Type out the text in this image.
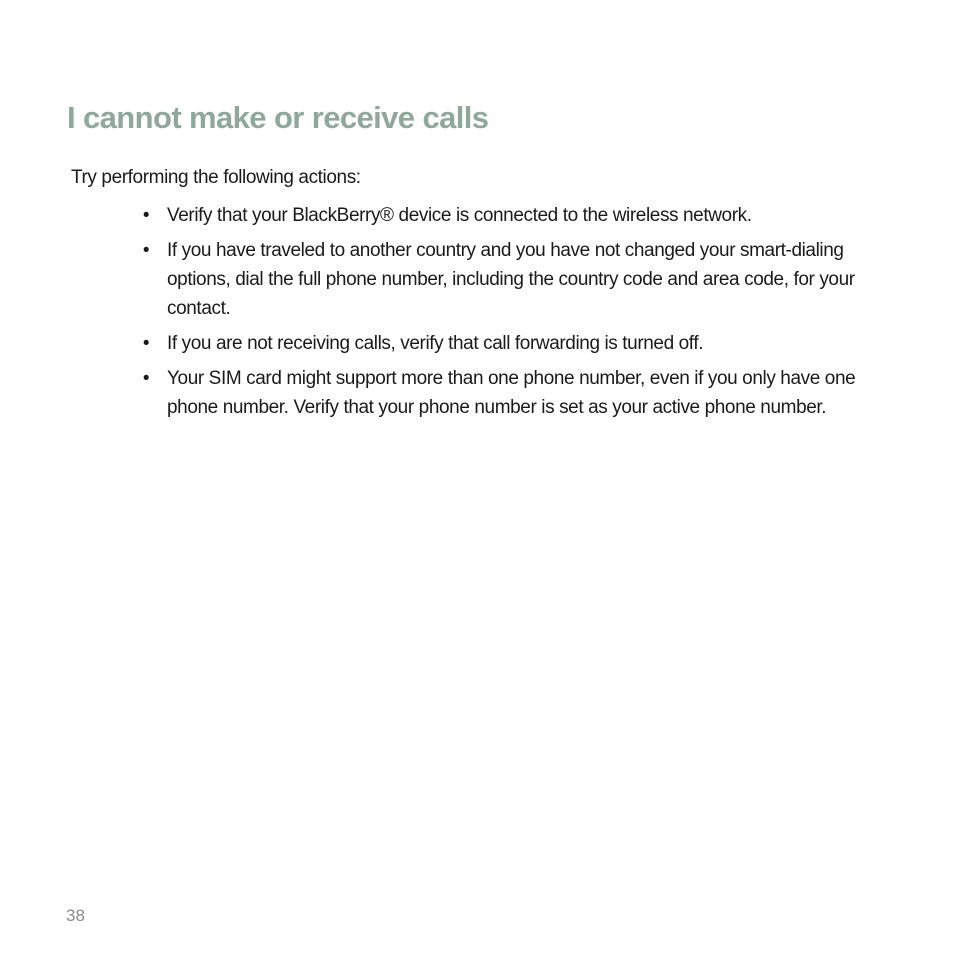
I cannot make or receive calls

Try performing the following actions:

• Verify that your BlackBerry® device is connected to the wireless network.
• If you have traveled to another country and you have not changed your smart-dialing options, dial the full phone number, including the country code and area code, for your contact.
• If you are not receiving calls, verify that call forwarding is turned off.
• Your SIM card might support more than one phone number, even if you only have one phone number. Verify that your phone number is set as your active phone number.

38
